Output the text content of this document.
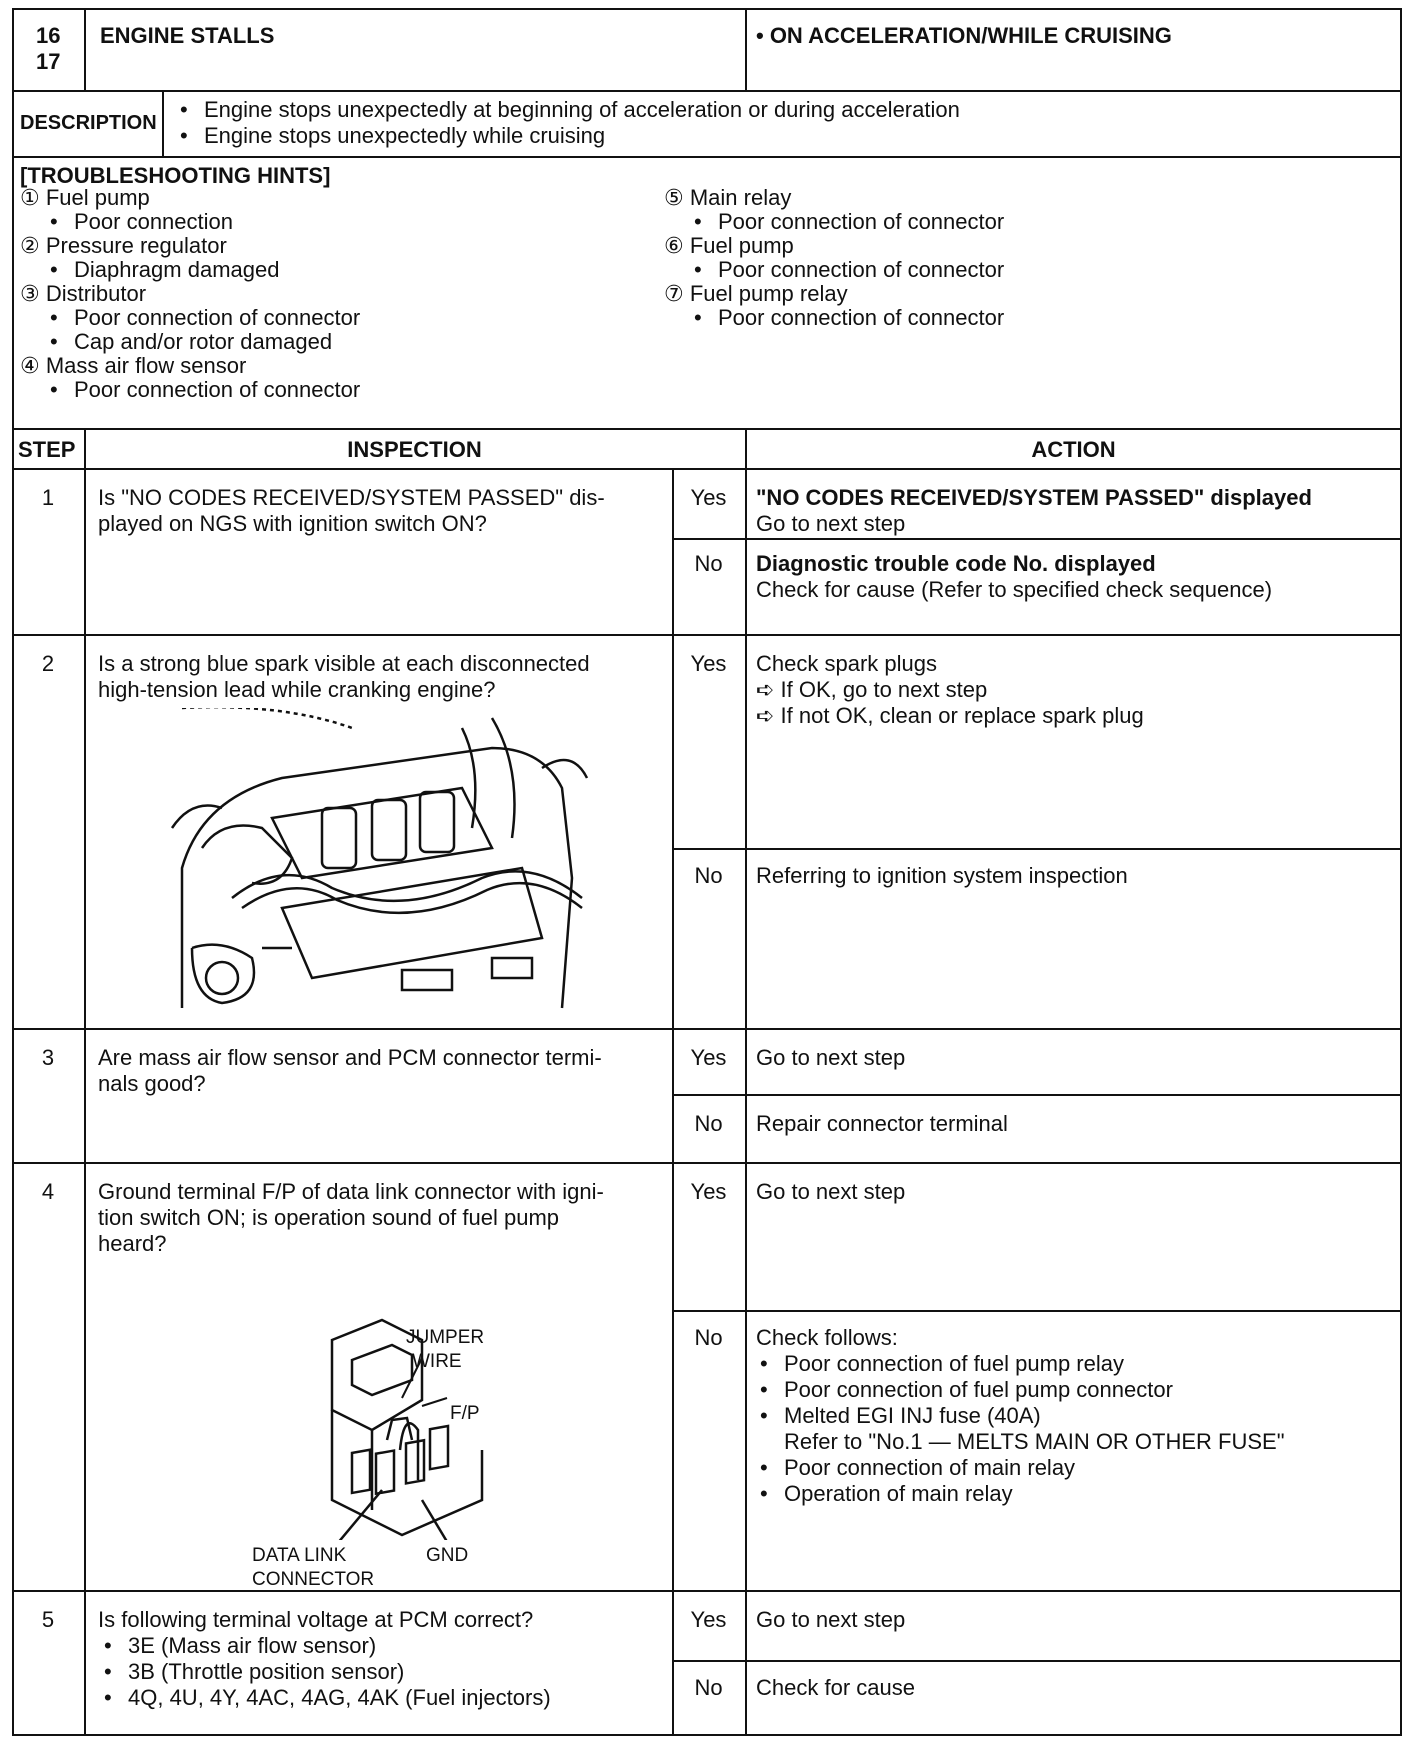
16
17
ENGINE STALLS	• ON ACCELERATION/WHILE CRUISING
DESCRIPTION
• Engine stops unexpectedly at beginning of acceleration or during acceleration
• Engine stops unexpectedly while cruising
[TROUBLESHOOTING HINTS]
① Fuel pump
• Poor connection
② Pressure regulator
• Diaphragm damaged
③ Distributor
• Poor connection of connector
• Cap and/or rotor damaged
④ Mass air flow sensor
• Poor connection of connector
⑤ Main relay
• Poor connection of connector
⑥ Fuel pump
• Poor connection of connector
⑦ Fuel pump relay
• Poor connection of connector
STEP	INSPECTION	ACTION
1	Is "NO CODES RECEIVED/SYSTEM PASSED" dis-
played on NGS with ignition switch ON?
Yes	"NO CODES RECEIVED/SYSTEM PASSED" displayed
Go to next step
No	Diagnostic trouble code No. displayed
Check for cause (Refer to specified check sequence)
2	Is a strong blue spark visible at each disconnected
high-tension lead while cranking engine?
Yes	Check spark plugs
➪ If OK, go to next step
➪ If not OK, clean or replace spark plug
No	Referring to ignition system inspection
3	Are mass air flow sensor and PCM connector termi-
nals good?
Yes	Go to next step
No	Repair connector terminal
4	Ground terminal F/P of data link connector with igni-
tion switch ON; is operation sound of fuel pump
heard?
Yes	Go to next step
No	Check follows:
• Poor connection of fuel pump relay
• Poor connection of fuel pump connector
• Melted EGI INJ fuse (40A)
Refer to "No.1 — MELTS MAIN OR OTHER FUSE"
• Poor connection of main relay
• Operation of main relay
JUMPER
WIRE
F/P
DATA LINK
CONNECTOR
GND
5	Is following terminal voltage at PCM correct?
• 3E (Mass air flow sensor)
• 3B (Throttle position sensor)
• 4Q, 4U, 4Y, 4AC, 4AG, 4AK (Fuel injectors)
Yes	Go to next step
No	Check for cause
